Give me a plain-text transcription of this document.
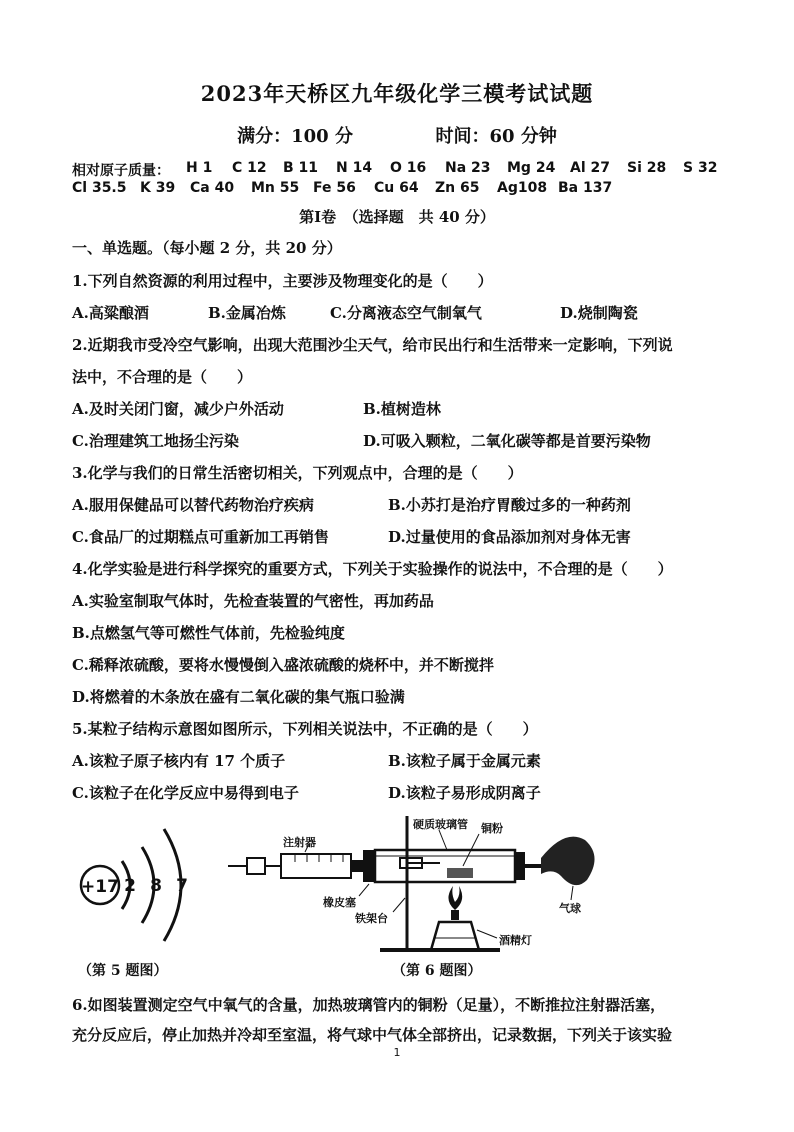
2023年天桥区九年级化学三模考试试题
满分：100 分	时间：60 分钟
相对原子质量： H 1 C 12 B 11 N 14 O 16 Na 23 Mg 24 Al 27 Si 28 S 32
Cl 35.5 K 39 Ca 40 Mn 55 Fe 56 Cu 64 Zn 65 Ag108 Ba 137
第Ⅰ卷　（选择题　共 40 分）
一、单选题。（每小题 2 分，共 20 分）
1.下列自然资源的利用过程中，主要涉及物理变化的是（　　）
A.高粱酿酒	B.金属冶炼	C.分离液态空气制氧气	D.烧制陶瓷
2.近期我市受冷空气影响，出现大范围沙尘天气，给市民出行和生活带来一定影响，下列说
法中，不合理的是（　　）
A.及时关闭门窗，减少户外活动	B.植树造林
C.治理建筑工地扬尘污染	D.可吸入颗粒，二氧化碳等都是首要污染物
3.化学与我们的日常生活密切相关，下列观点中，合理的是（　　）
A.服用保健品可以替代药物治疗疾病	B.小苏打是治疗胃酸过多的一种药剂
C.食品厂的过期糕点可重新加工再销售	D.过量使用的食品添加剂对身体无害
4.化学实验是进行科学探究的重要方式，下列关于实验操作的说法中，不合理的是（　　）
A.实验室制取气体时，先检查装置的气密性，再加药品
B.点燃氢气等可燃性气体前，先检验纯度
C.稀释浓硫酸，要将水慢慢倒入盛浓硫酸的烧杯中，并不断搅拌
D.将燃着的木条放在盛有二氧化碳的集气瓶口验满
5.某粒子结构示意图如图所示，下列相关说法中，不正确的是（　　）
A.该粒子原子核内有 17 个质子	B.该粒子属于金属元素
C.该粒子在化学反应中易得到电子	D.该粒子易形成阴离子
+17 2 8 7
（第 5 题图）
注射器
硬质玻璃管 铜粉
橡皮塞
铁架台
酒精灯
气球
（第 6 题图）
6.如图装置测定空气中氧气的含量，加热玻璃管内的铜粉（足量），不断推拉注射器活塞，
充分反应后，停止加热并冷却至室温，将气球中气体全部挤出，记录数据，下列关于该实验
1
